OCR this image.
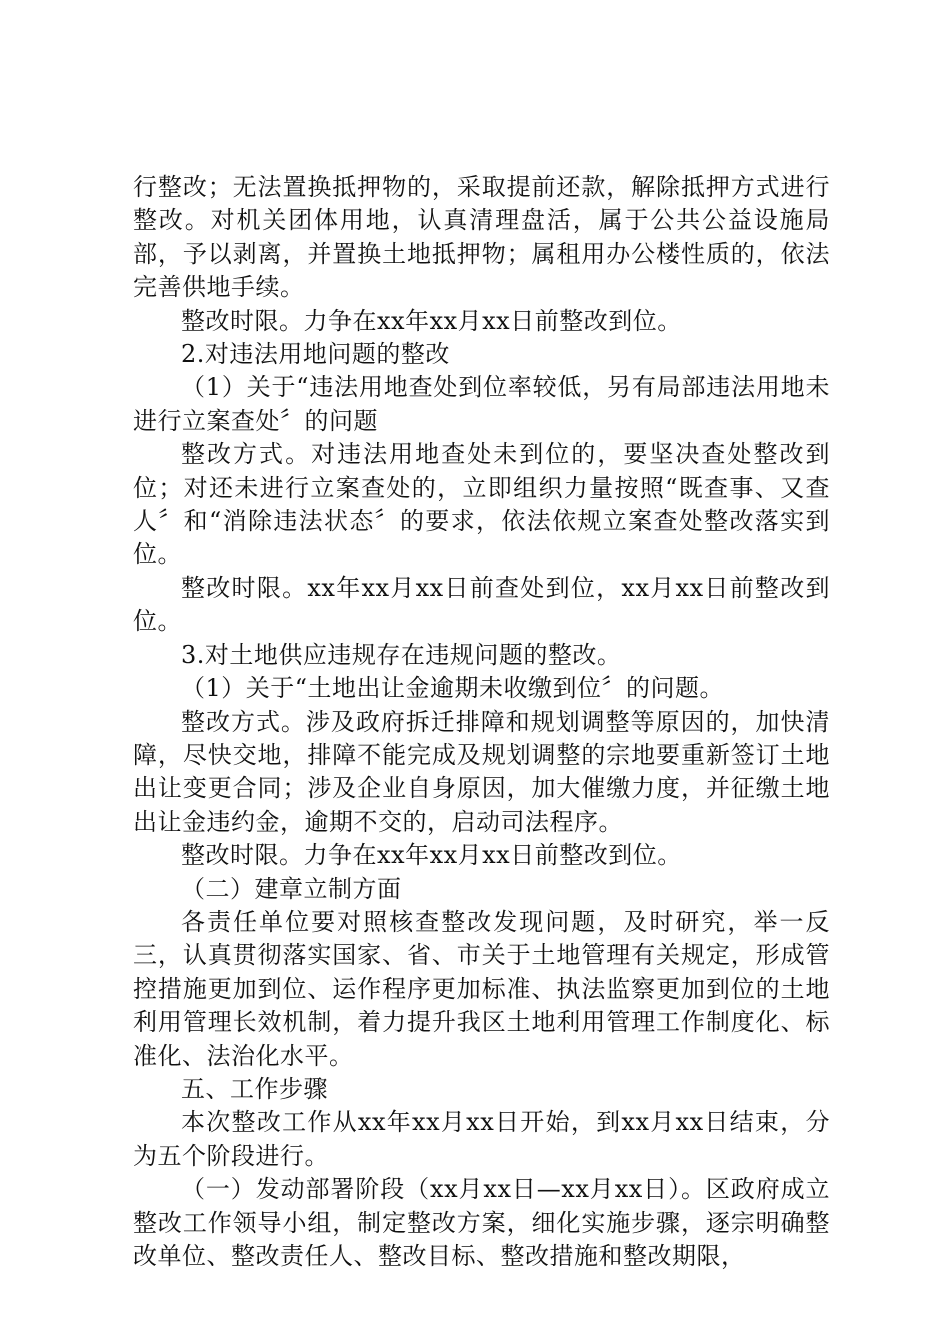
行整改；无法置换抵押物的，采取提前还款，解除抵押方式进行整改。对机关团体用地，认真清理盘活，属于公共公益设施局部，予以剥离，并置换土地抵押物；属租用办公楼性质的，依法完善供地手续。

整改时限。力争在xx年xx月xx日前整改到位。

2.对违法用地问题的整改

（1）关于“违法用地查处到位率较低，另有局部违法用地未进行立案查处〞的问题

整改方式。对违法用地查处未到位的，要坚决查处整改到位；对还未进行立案查处的，立即组织力量按照“既查事、又查人〞和“消除违法状态〞的要求，依法依规立案查处整改落实到位。

整改时限。xx年xx月xx日前查处到位，xx月xx日前整改到位。

3.对土地供应违规存在违规问题的整改。

（1）关于“土地出让金逾期未收缴到位〞的问题。

整改方式。涉及政府拆迁排障和规划调整等原因的，加快清障，尽快交地，排障不能完成及规划调整的宗地要重新签订土地出让变更合同；涉及企业自身原因，加大催缴力度，并征缴土地出让金违约金，逾期不交的，启动司法程序。

整改时限。力争在xx年xx月xx日前整改到位。

（二）建章立制方面

各责任单位要对照核查整改发现问题，及时研究，举一反三，认真贯彻落实国家、省、市关于土地管理有关规定，形成管控措施更加到位、运作程序更加标准、执法监察更加到位的土地利用管理长效机制，着力提升我区土地利用管理工作制度化、标准化、法治化水平。

五、工作步骤

本次整改工作从xx年xx月xx日开始，到xx月xx日结束，分为五个阶段进行。

（一）发动部署阶段（xx月xx日—xx月xx日）。区政府成立整改工作领导小组，制定整改方案，细化实施步骤，逐宗明确整改单位、整改责任人、整改目标、整改措施和整改期限，
